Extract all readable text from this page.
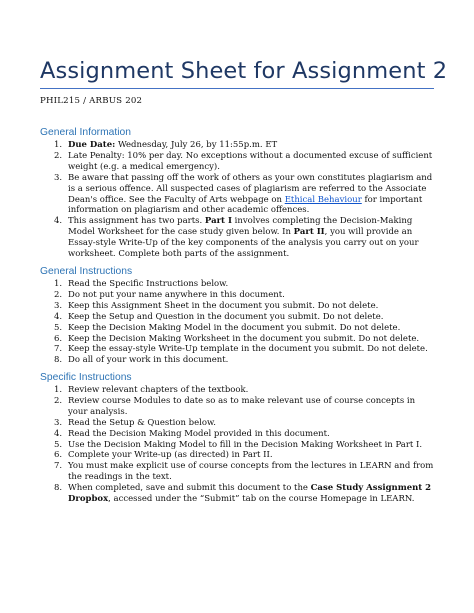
Assignment Sheet for Assignment 2
PHIL215 / ARBUS 202
General Information
1. Due Date: Wednesday, July 26, by 11:55p.m. ET
2. Late Penalty: 10% per day. No exceptions without a documented excuse of sufficient weight (e.g. a medical emergency).
3. Be aware that passing off the work of others as your own constitutes plagiarism and is a serious offence. All suspected cases of plagiarism are referred to the Associate Dean's office. See the Faculty of Arts webpage on Ethical Behaviour for important information on plagiarism and other academic offences.
4. This assignment has two parts. Part I involves completing the Decision-Making Model Worksheet for the case study given below. In Part II, you will provide an Essay-style Write-Up of the key components of the analysis you carry out on your worksheet. Complete both parts of the assignment.
General Instructions
1. Read the Specific Instructions below.
2. Do not put your name anywhere in this document.
3. Keep this Assignment Sheet in the document you submit. Do not delete.
4. Keep the Setup and Question in the document you submit. Do not delete.
5. Keep the Decision Making Model in the document you submit. Do not delete.
6. Keep the Decision Making Worksheet in the document you submit. Do not delete.
7. Keep the essay-style Write-Up template in the document you submit. Do not delete.
8. Do all of your work in this document.
Specific Instructions
1. Review relevant chapters of the textbook.
2. Review course Modules to date so as to make relevant use of course concepts in your analysis.
3. Read the Setup & Question below.
4. Read the Decision Making Model provided in this document.
5. Use the Decision Making Model to fill in the Decision Making Worksheet in Part I.
6. Complete your Write-up (as directed) in Part II.
7. You must make explicit use of course concepts from the lectures in LEARN and from the readings in the text.
8. When completed, save and submit this document to the Case Study Assignment 2 Dropbox, accessed under the “Submit” tab on the course Homepage in LEARN.
